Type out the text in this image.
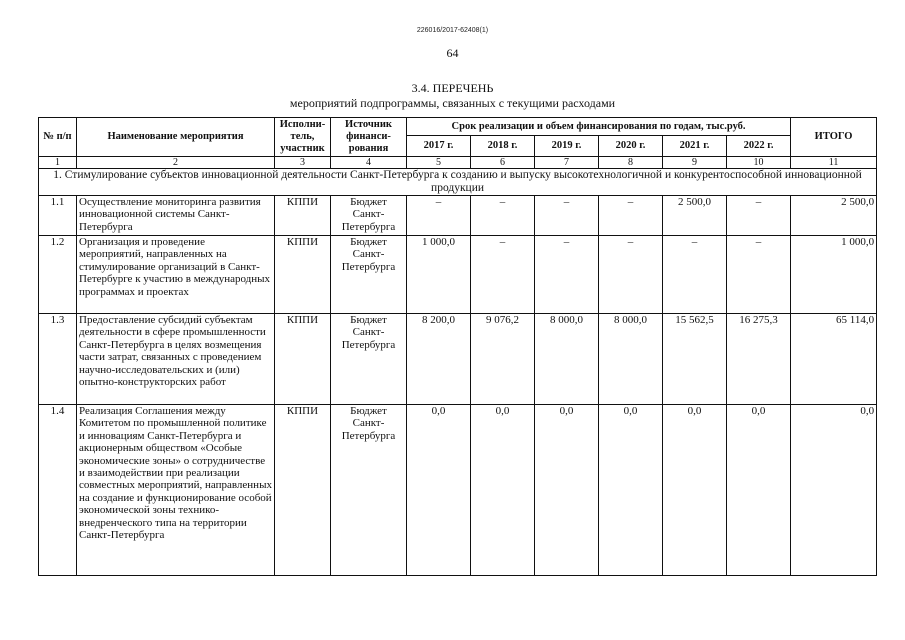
226016/2017-62408(1)
64
3.4. ПЕРЕЧЕНЬ
мероприятий подпрограммы, связанных с текущими расходами
№ п/п	Наименование мероприятия	Исполни-тель, участник	Источник финанси-рования	Срок реализации и объем финансирования по годам, тыс.руб.						ИТОГО
				2017 г.	2018 г.	2019 г.	2020 г.	2021 г.	2022 г.	
1	2	3	4	5	6	7	8	9	10	11
1. Стимулирование субъектов инновационной деятельности Санкт-Петербурга к созданию и выпуску высокотехнологичной и конкурентоспособной инновационной продукции										
1.1	Осуществление мониторинга развития инновационной системы Санкт-Петербурга	КППИ	Бюджет Санкт-Петербурга	–	–	–	–	2 500,0	–	2 500,0
1.2	Организация и проведение мероприятий, направленных на стимулирование организаций в Санкт-Петербурге к участию в международных программах и проектах	КППИ	Бюджет Санкт-Петербурга	1 000,0	–	–	–	–	–	1 000,0
1.3	Предоставление субсидий субъектам деятельности в сфере промышленности Санкт-Петербурга в целях возмещения части затрат, связанных с проведением научно-исследовательских и (или) опытно-конструкторских работ	КППИ	Бюджет Санкт-Петербурга	8 200,0	9 076,2	8 000,0	8 000,0	15 562,5	16 275,3	65 114,0
1.4	Реализация Соглашения между Комитетом по промышленной политике и инновациям Санкт-Петербурга и акционерным обществом «Особые экономические зоны» о сотрудничестве и взаимодействии при реализации совместных мероприятий, направленных на создание и функционирование особой экономической зоны технико-внедренческого типа на территории Санкт-Петербурга	КППИ	Бюджет Санкт-Петербурга	0,0	0,0	0,0	0,0	0,0	0,0	0,0
